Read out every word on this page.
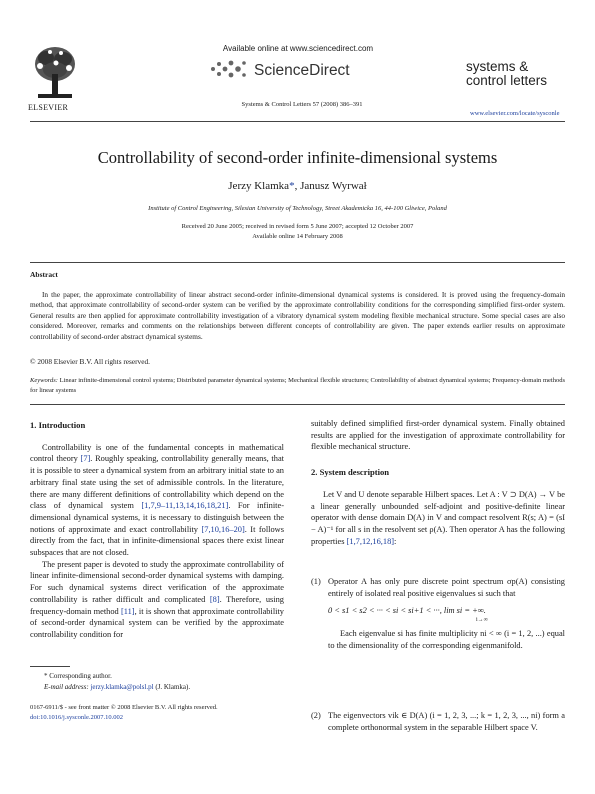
ELSEVIER
Available online at www.sciencedirect.com
ScienceDirect
Systems & Control Letters 57 (2008) 386–391
systems &
control letters
www.elsevier.com/locate/sysconle
Controllability of second-order infinite-dimensional systems
Jerzy Klamka*, Janusz Wyrwał
Institute of Control Engineering, Silesian University of Technology, Street Akademicka 16, 44-100 Gliwice, Poland
Received 20 June 2005; received in revised form 5 June 2007; accepted 12 October 2007
Available online 14 February 2008
Abstract
In the paper, the approximate controllability of linear abstract second-order infinite-dimensional dynamical systems is considered. It is proved using the frequency-domain method, that approximate controllability of second-order system can be verified by the approximate controllability conditions for the corresponding simplified first-order system. General results are then applied for approximate controllability investigation of a vibratory dynamical system modeling flexible mechanical structure. Some special cases are also considered. Moreover, remarks and comments on the relationships between different concepts of controllability are given. The paper extends earlier results on approximate controllability of second-order abstract dynamical systems.
© 2008 Elsevier B.V. All rights reserved.
Keywords: Linear infinite-dimensional control systems; Distributed parameter dynamical systems; Mechanical flexible structures; Controllability of abstract dynamical systems; Frequency-domain methods for linear systems
1. Introduction

Controllability is one of the fundamental concepts in mathematical control theory [7]. Roughly speaking, controllability generally means, that it is possible to steer a dynamical system from an arbitrary initial state to an arbitrary final state using the set of admissible controls. In the literature, there are many different definitions of controllability which depend on the class of dynamical system [1,7,9–11,13,14,16,18,21]. For infinite-dimensional dynamical systems, it is necessary to distinguish between the notions of approximate and exact controllability [7,10,16–20]. It follows directly from the fact, that in infinite-dimensional spaces there exist linear subspaces that are not closed.

The present paper is devoted to study the approximate controllability of linear infinite-dimensional second-order dynamical systems with damping. For such dynamical systems direct verification of the approximate controllability is rather difficult and complicated [8]. Therefore, using frequency-domain method [11], it is shown that approximate controllability of second-order dynamical system can be verified by the approximate controllability condition for

suitably defined simplified first-order dynamical system. Finally obtained results are applied for the investigation of approximate controllability for flexible mechanical structure.
2. System description

Let V and U denote separable Hilbert spaces. Let A : V ⊃ D(A) → V be a linear generally unbounded self-adjoint and positive-definite linear operator with dense domain D(A) in V and compact resolvent R(s; A) = (sI − A)⁻¹ for all s in the resolvent set ρ(A). Then operator A has the following properties [1,7,12,16,18]:

(1) Operator A has only pure discrete point spectrum σp(A) consisting entirely of isolated real positive eigenvalues si such that
0 < s1 < s2 < ··· < si < si+1 < ···, lim si = +∞.
i→∞
Each eigenvalue si has finite multiplicity ni < ∞ (i = 1, 2, ...) equal to the dimensionality of the corresponding eigenmanifold.
(2) The eigenvectors vik ∈ D(A) (i = 1, 2, 3, ...; k = 1, 2, 3, ..., ni) form a complete orthonormal system in the separable Hilbert space V.
* Corresponding author.
E-mail address: jerzy.klamka@polsl.pl (J. Klamka).
0167-6911/$ - see front matter © 2008 Elsevier B.V. All rights reserved.
doi:10.1016/j.sysconle.2007.10.002
